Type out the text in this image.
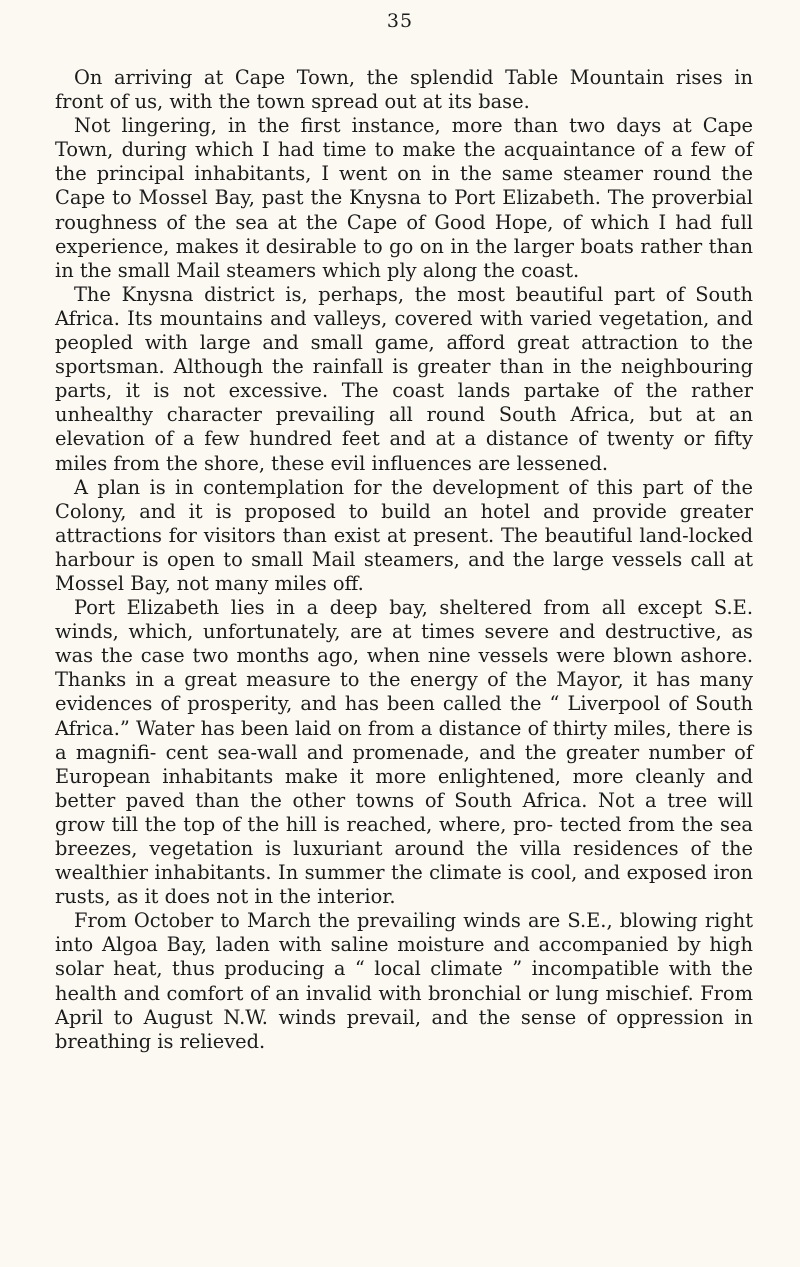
35

On arriving at Cape Town, the splendid Table Mountain rises in front of us, with the town spread out at its base.

Not lingering, in the first instance, more than two days at Cape Town, during which I had time to make the acquaintance of a few of the principal inhabitants, I went on in the same steamer round the Cape to Mossel Bay, past the Knysna to Port Elizabeth. The proverbial roughness of the sea at the Cape of Good Hope, of which I had full experience, makes it desirable to go on in the larger boats rather than in the small Mail steamers which ply along the coast.

The Knysna district is, perhaps, the most beautiful part of South Africa. Its mountains and valleys, covered with varied vegetation, and peopled with large and small game, afford great attraction to the sportsman. Although the rainfall is greater than in the neighbouring parts, it is not excessive. The coast lands partake of the rather unhealthy character prevailing all round South Africa, but at an elevation of a few hundred feet and at a distance of twenty or fifty miles from the shore, these evil influences are lessened.

A plan is in contemplation for the development of this part of the Colony, and it is proposed to build an hotel and provide greater attractions for visitors than exist at present. The beautiful land-locked harbour is open to small Mail steamers, and the large vessels call at Mossel Bay, not many miles off.

Port Elizabeth lies in a deep bay, sheltered from all except S.E. winds, which, unfortunately, are at times severe and destructive, as was the case two months ago, when nine vessels were blown ashore. Thanks in a great measure to the energy of the Mayor, it has many evidences of prosperity, and has been called the “ Liverpool of South Africa.” Water has been laid on from a distance of thirty miles, there is a magnifi- cent sea-wall and promenade, and the greater number of European inhabitants make it more enlightened, more cleanly and better paved than the other towns of South Africa. Not a tree will grow till the top of the hill is reached, where, pro- tected from the sea breezes, vegetation is luxuriant around the villa residences of the wealthier inhabitants. In summer the climate is cool, and exposed iron rusts, as it does not in the interior.

From October to March the prevailing winds are S.E., blowing right into Algoa Bay, laden with saline moisture and accompanied by high solar heat, thus producing a “ local climate ” incompatible with the health and comfort of an invalid with bronchial or lung mischief. From April to August N.W. winds prevail, and the sense of oppression in breathing is relieved.
